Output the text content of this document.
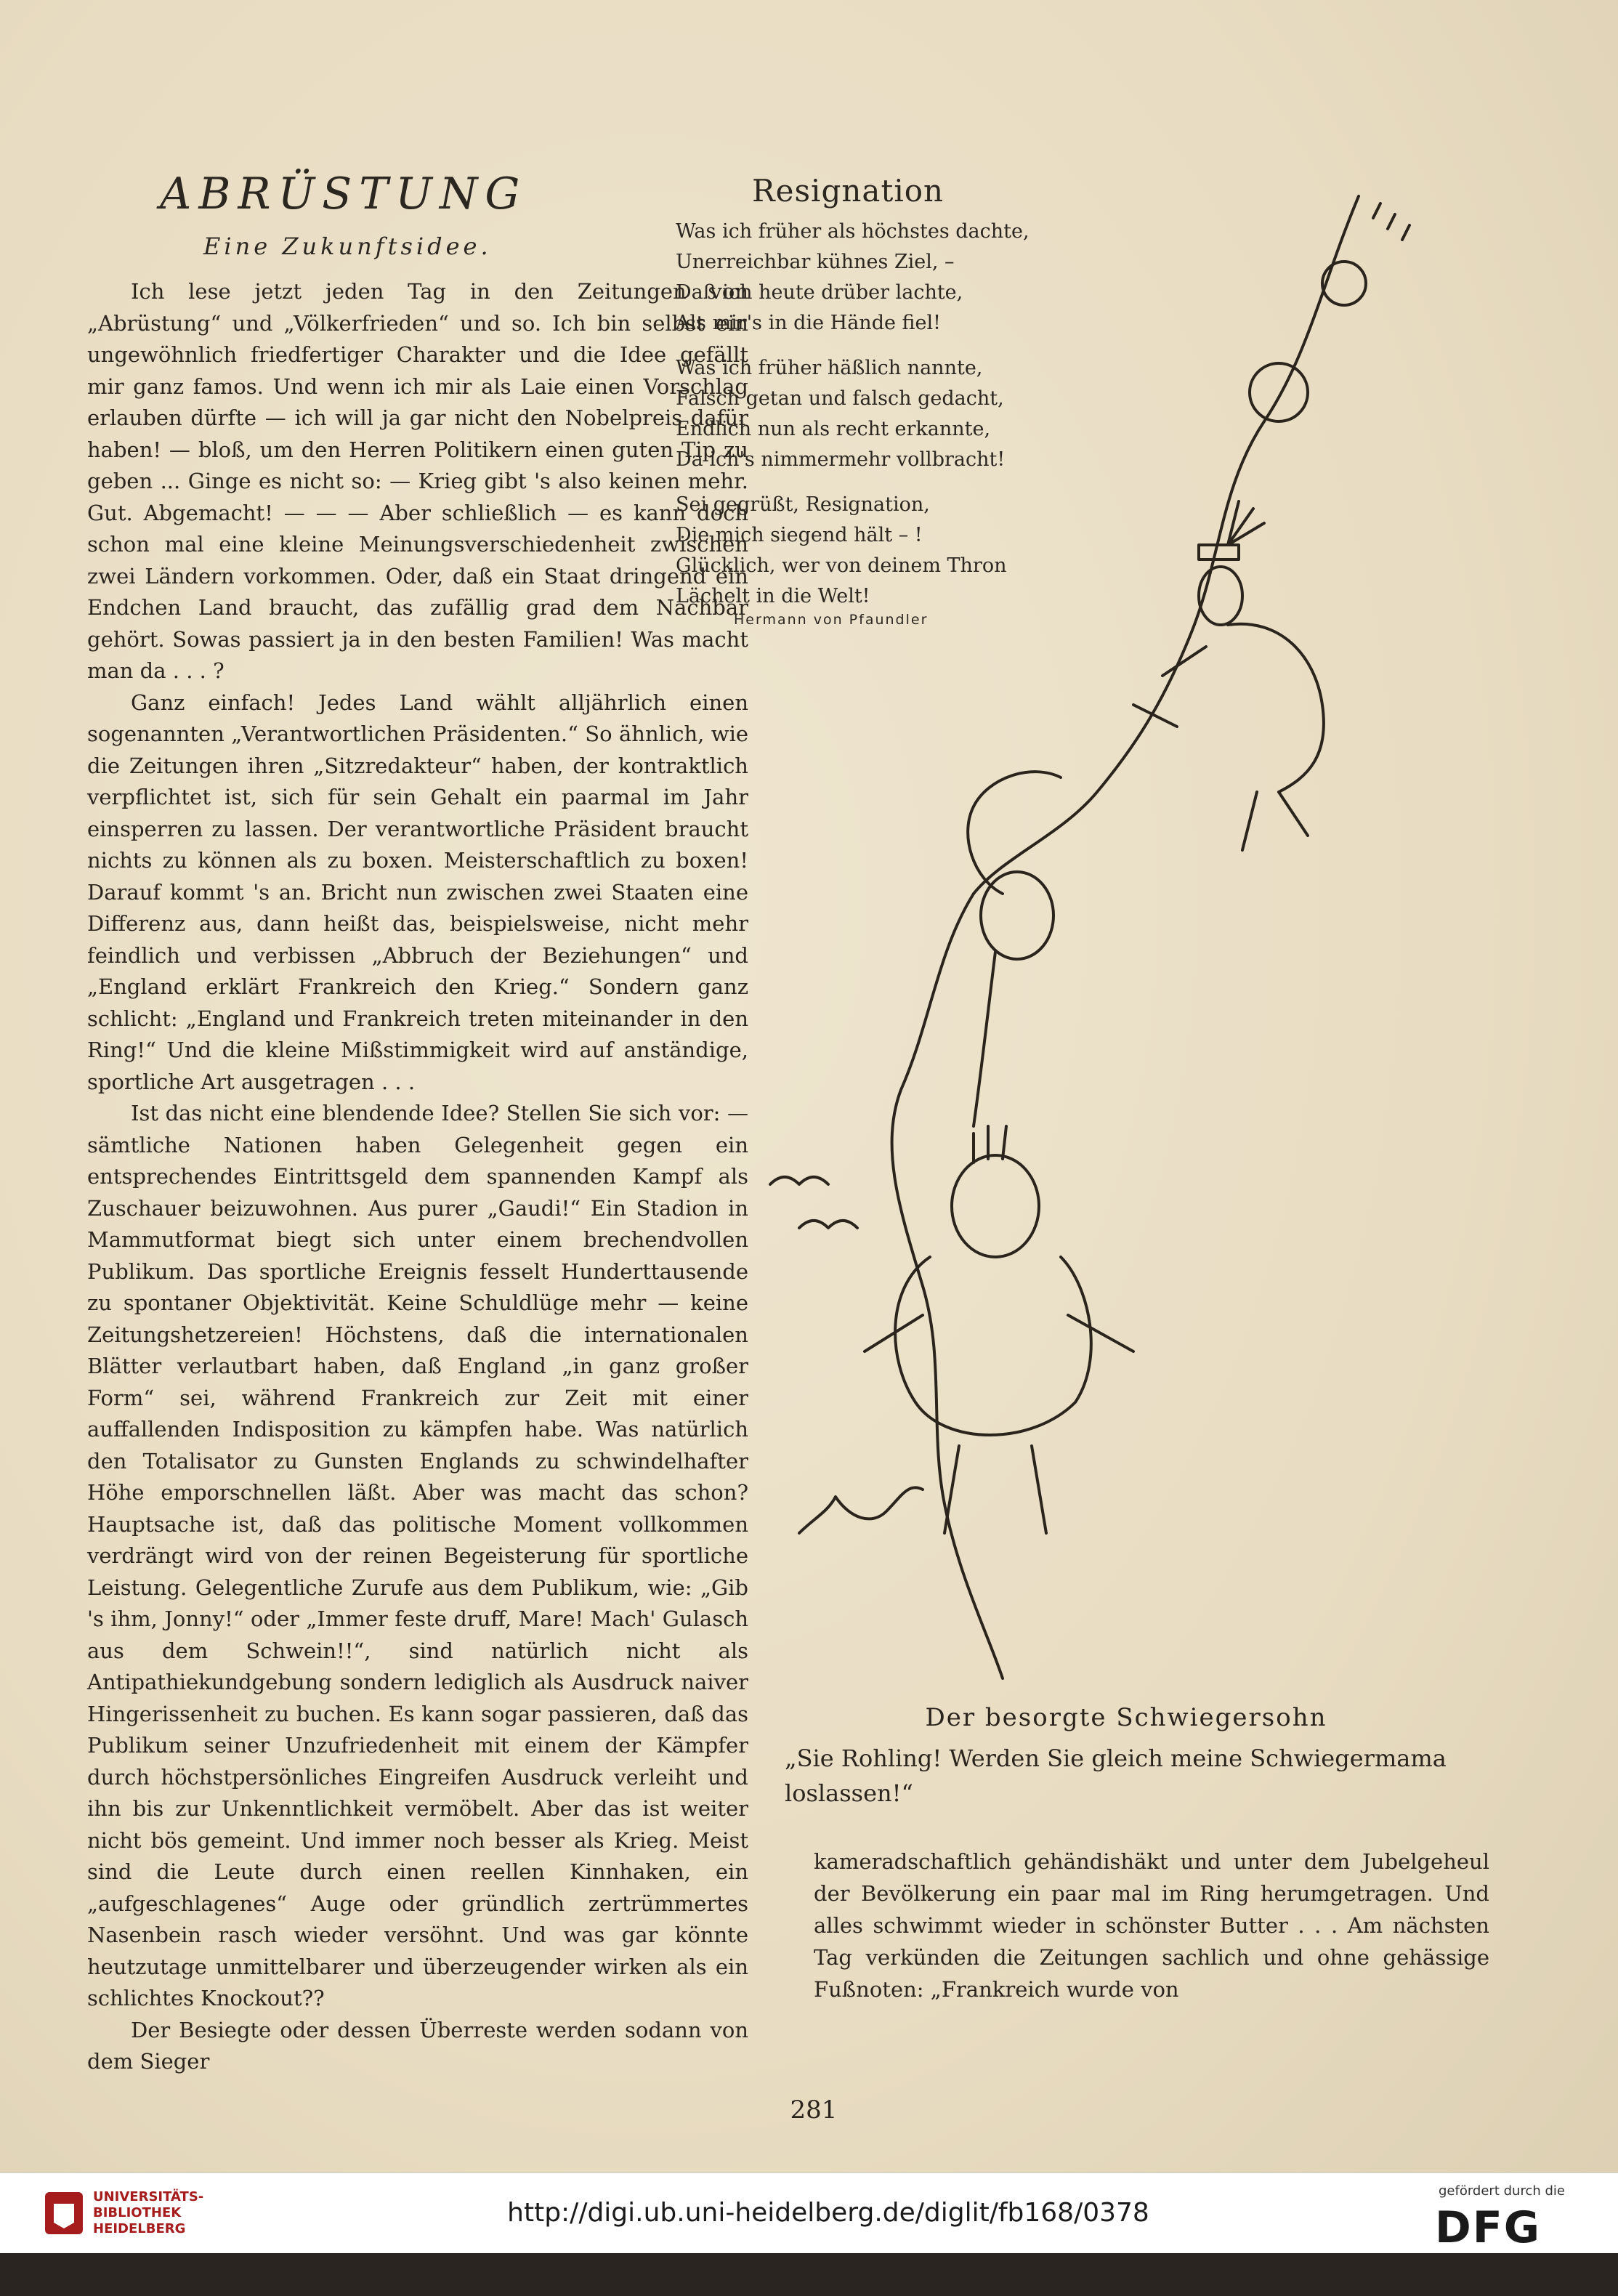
ABRÜSTUNG
Eine Zukunftsidee.

Ich lese jetzt jeden Tag in den Zeitungen von „Abrüstung“ und „Völkerfrieden“ und so. Ich bin selbst ein ungewöhnlich friedfertiger Charakter und die Idee gefällt mir ganz famos. Und wenn ich mir als Laie einen Vorschlag erlauben dürfte — ich will ja gar nicht den Nobelpreis dafür haben! — bloß, um den Herren Politikern einen guten Tip zu geben ... Ginge es nicht so: — Krieg gibt 's also keinen mehr. Gut. Abgemacht! — — — Aber schließlich — es kann doch schon mal eine kleine Meinungsverschiedenheit zwischen zwei Ländern vorkommen. Oder, daß ein Staat dringend ein Endchen Land braucht, das zufällig grad dem Nachbar gehört. Sowas passiert ja in den besten Familien! Was macht man da . . . ?

Ganz einfach! Jedes Land wählt alljährlich einen sogenannten „Verantwortlichen Präsidenten.“ So ähnlich, wie die Zeitungen ihren „Sitzredakteur“ haben, der kontraktlich verpflichtet ist, sich für sein Gehalt ein paarmal im Jahr einsperren zu lassen. Der verantwortliche Präsident braucht nichts zu können als zu boxen. Meisterschaftlich zu boxen! Darauf kommt 's an. Bricht nun zwischen zwei Staaten eine Differenz aus, dann heißt das, beispielsweise, nicht mehr feindlich und verbissen „Abbruch der Beziehungen“ und „England erklärt Frankreich den Krieg.“ Sondern ganz schlicht: „England und Frankreich treten miteinander in den Ring!“ Und die kleine Mißstimmigkeit wird auf anständige, sportliche Art ausgetragen . . .

Ist das nicht eine blendende Idee? Stellen Sie sich vor: — sämtliche Nationen haben Gelegenheit gegen ein entsprechendes Eintrittsgeld dem spannenden Kampf als Zuschauer beizuwohnen. Aus purer „Gaudi!“ Ein Stadion in Mammutformat biegt sich unter einem brechendvollen Publikum. Das sportliche Ereignis fesselt Hunderttausende zu spontaner Objektivität. Keine Schuldlüge mehr — keine Zeitungshetzereien! Höchstens, daß die internationalen Blätter verlautbart haben, daß England „in ganz großer Form“ sei, während Frankreich zur Zeit mit einer auffallenden Indisposition zu kämpfen habe. Was natürlich den Totalisator zu Gunsten Englands zu schwindelhafter Höhe emporschnellen läßt. Aber was macht das schon? Hauptsache ist, daß das politische Moment vollkommen verdrängt wird von der reinen Begeisterung für sportliche Leistung. Gelegentliche Zurufe aus dem Publikum, wie: „Gib 's ihm, Jonny!“ oder „Immer feste druff, Mare! Mach' Gulasch aus dem Schwein!!“, sind natürlich nicht als Antipathiekundgebung sondern lediglich als Ausdruck naiver Hingerissenheit zu buchen. Es kann sogar passieren, daß das Publikum seiner Unzufriedenheit mit einem der Kämpfer durch höchstpersönliches Eingreifen Ausdruck verleiht und ihn bis zur Unkenntlichkeit vermöbelt. Aber das ist weiter nicht bös gemeint. Und immer noch besser als Krieg. Meist sind die Leute durch einen reellen Kinnhaken, ein „aufgeschlagenes“ Auge oder gründlich zertrümmertes Nasenbein rasch wieder versöhnt. Und was gar könnte heutzutage unmittelbarer und überzeugender wirken als ein schlichtes Knockout??

Der Besiegte oder dessen Überreste werden sodann von dem Sieger

Resignation
Was ich früher als höchstes dachte,
Unerreichbar kühnes Ziel, –
Daß ich heute drüber lachte,
Als mir's in die Hände fiel!
Was ich früher häßlich nannte,
Falsch getan und falsch gedacht,
Endlich nun als recht erkannte,
Da ich's nimmermehr vollbracht!
Sei gegrüßt, Resignation,
Die mich siegend hält – !
Glücklich, wer von deinem Thron
Lächelt in die Welt!
Hermann von Pfaundler
Der besorgte Schwiegersohn
„Sie Rohling! Werden Sie gleich meine Schwiegermama loslassen!“
kameradschaftlich gehändishäkt und unter dem Jubelgeheul der Bevölkerung ein paar mal im Ring herumgetragen. Und alles schwimmt wieder in schönster Butter . . . Am nächsten Tag verkünden die Zeitungen sachlich und ohne gehässige Fußnoten: „Frankreich wurde von
281
UNIVERSITÄTS-
BIBLIOTHEK
HEIDELBERG
http://digi.ub.uni-heidelberg.de/diglit/fb168/0378
gefördert durch die
DFG
